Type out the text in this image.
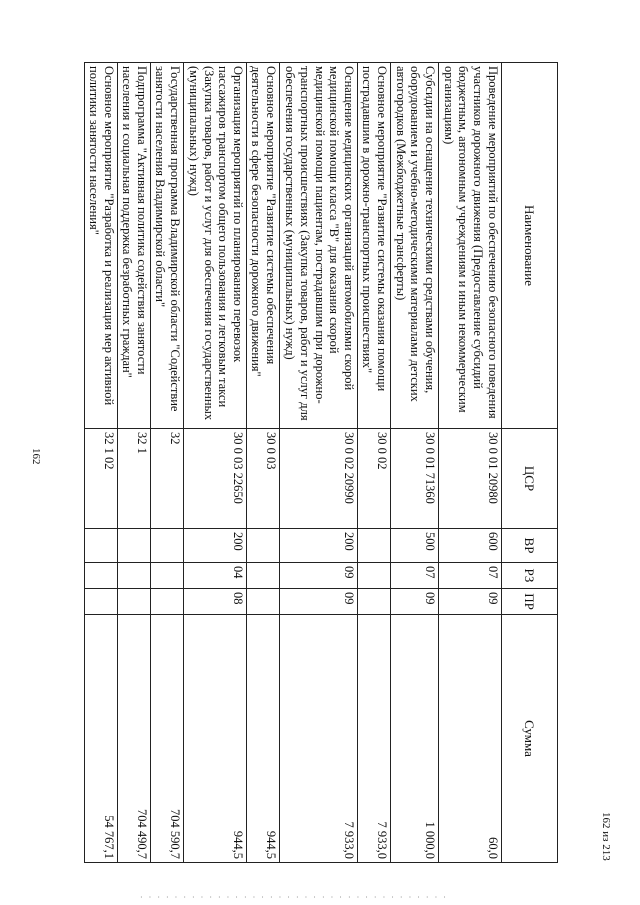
162
Наименование	ЦСР	ВР	РЗ	ПР	Сумма
Проведение мероприятий по обеспечению безопасного поведения участников дорожного движения (Предоставление субсидий бюджетным, автономным учреждениям и иным некоммерческим организациям)	30 0 01 20980	600	07	09	60,0
Субсидии на оснащение техническими средствами обучения, оборудованием и учебно-методическими материалами детских автогородков (Межбюджетные трансферты)	30 0 01 71360	500	07	09	1 000,0
Основное мероприятие "Развитие системы оказания помощи пострадавшим в дорожно-транспортных происшествиях"	30 0 02				7 933,0
Оснащение медицинских организаций автомобилями скорой медицинской помощи класса "В" для оказания скорой медицинской помощи пациентам, пострадавшим при дорожно-транспортных происшествиях (Закупка товаров, работ и услуг для обеспечения государственных (муниципальных) нужд)	30 0 02 20990	200	09	09	7 933,0
Основное мероприятие "Развитие системы обеспечения деятельности в сфере безопасности дорожного движения"	30 0 03				944,5
Организация мероприятий по планированию перевозок пассажиров транспортом общего пользования и легковым такси (Закупка товаров, работ и услуг для обеспечения государственных (муниципальных) нужд)	30 0 03 22650	200	04	08	944,5
Государственная программа Владимирской области "Содействие занятости населения Владимирской области"	32				704 590,7
Подпрограмма "Активная политика содействия занятости населения и социальная поддержка безработных граждан"	32 1				704 490,7
Основное мероприятие "Разработка и реализация мер активной политики занятости населения"	32 1 02				54 767,1	162 из 213
· · · · · · · · · · · · · · · · · · · · · · · · · · · · · · · · · · · ·
